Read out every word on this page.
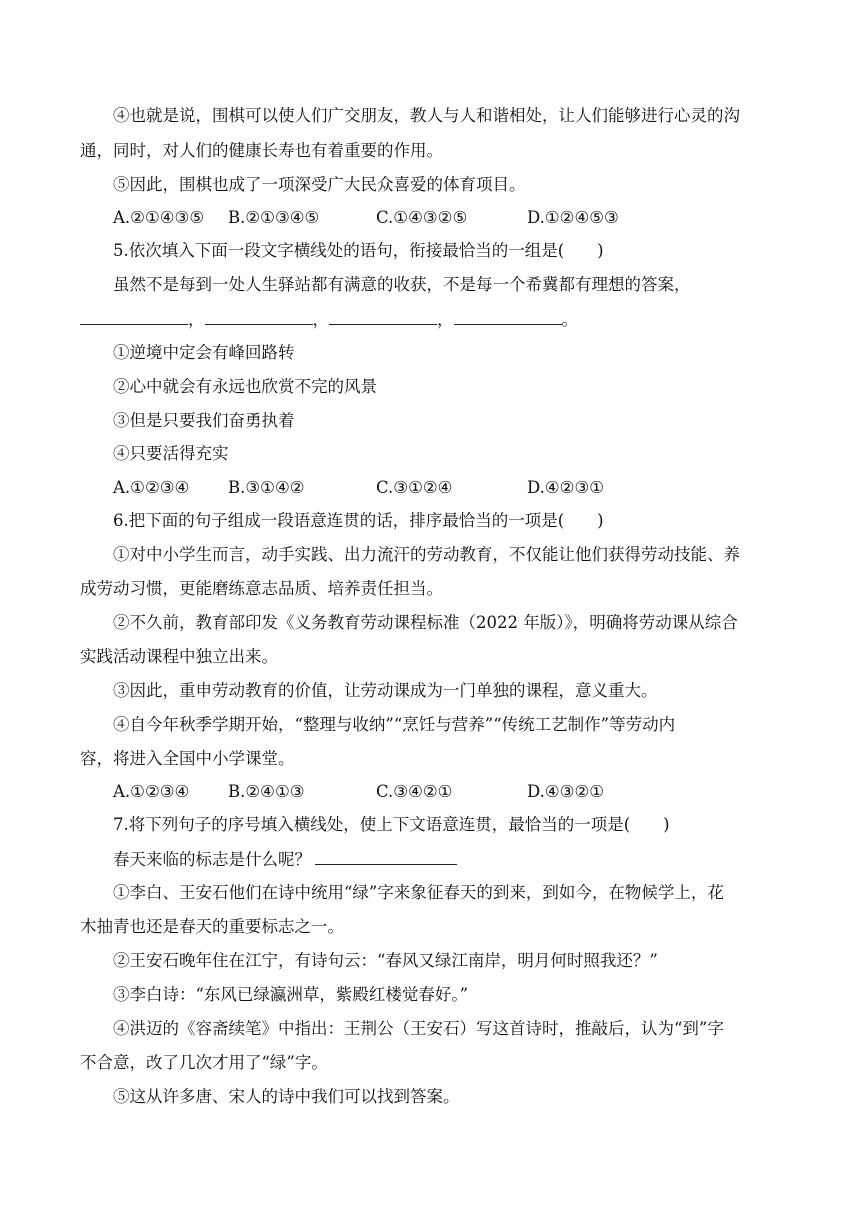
④也就是说，围棋可以使人们广交朋友，教人与人和谐相处，让人们能够进行心灵的沟
通，同时，对人们的健康长寿也有着重要的作用。
⑤因此，围棋也成了一项深受广大民众喜爱的体育项目。
A.②①④③⑤ B.②①③④⑤	C.①④③②⑤	D.①②④⑤③
5.依次填入下面一段文字横线处的语句，衔接最恰当的一组是(　　)
虽然不是每到一处人生驿站都有满意的收获，不是每一个希冀都有理想的答案，
，	，	，	。
①逆境中定会有峰回路转
②心中就会有永远也欣赏不完的风景
③但是只要我们奋勇执着
④只要活得充实
A.①②③④ B.③①④②	C.③①②④	D.④②③①
6.把下面的句子组成一段语意连贯的话，排序最恰当的一项是(　　)
①对中小学生而言，动手实践、出力流汗的劳动教育，不仅能让他们获得劳动技能、养
成劳动习惯，更能磨练意志品质、培养责任担当。
②不久前，教育部印发《义务教育劳动课程标准（2022 年版）》，明确将劳动课从综合
实践活动课程中独立出来。
③因此，重申劳动教育的价值，让劳动课成为一门单独的课程，意义重大。
④自今年秋季学期开始，“整理与收纳”“烹饪与营养”“传统工艺制作”等劳动内
容，将进入全国中小学课堂。
A.①②③④ B.②④①③	C.③④②①	D.④③②①
7.将下列句子的序号填入横线处，使上下文语意连贯，最恰当的一项是(　　)
春天来临的标志是什么呢？
①李白、王安石他们在诗中统用“绿”字来象征春天的到来，到如今，在物候学上，花
木抽青也还是春天的重要标志之一。
②王安石晚年住在江宁，有诗句云：“春风又绿江南岸，明月何时照我还？”
③李白诗：“东风已绿瀛洲草，紫殿红楼觉春好。”
④洪迈的《容斋续笔》中指出：王荆公（王安石）写这首诗时，推敲后，认为“到”字
不合意，改了几次才用了“绿”字。
⑤这从许多唐、宋人的诗中我们可以找到答案。
